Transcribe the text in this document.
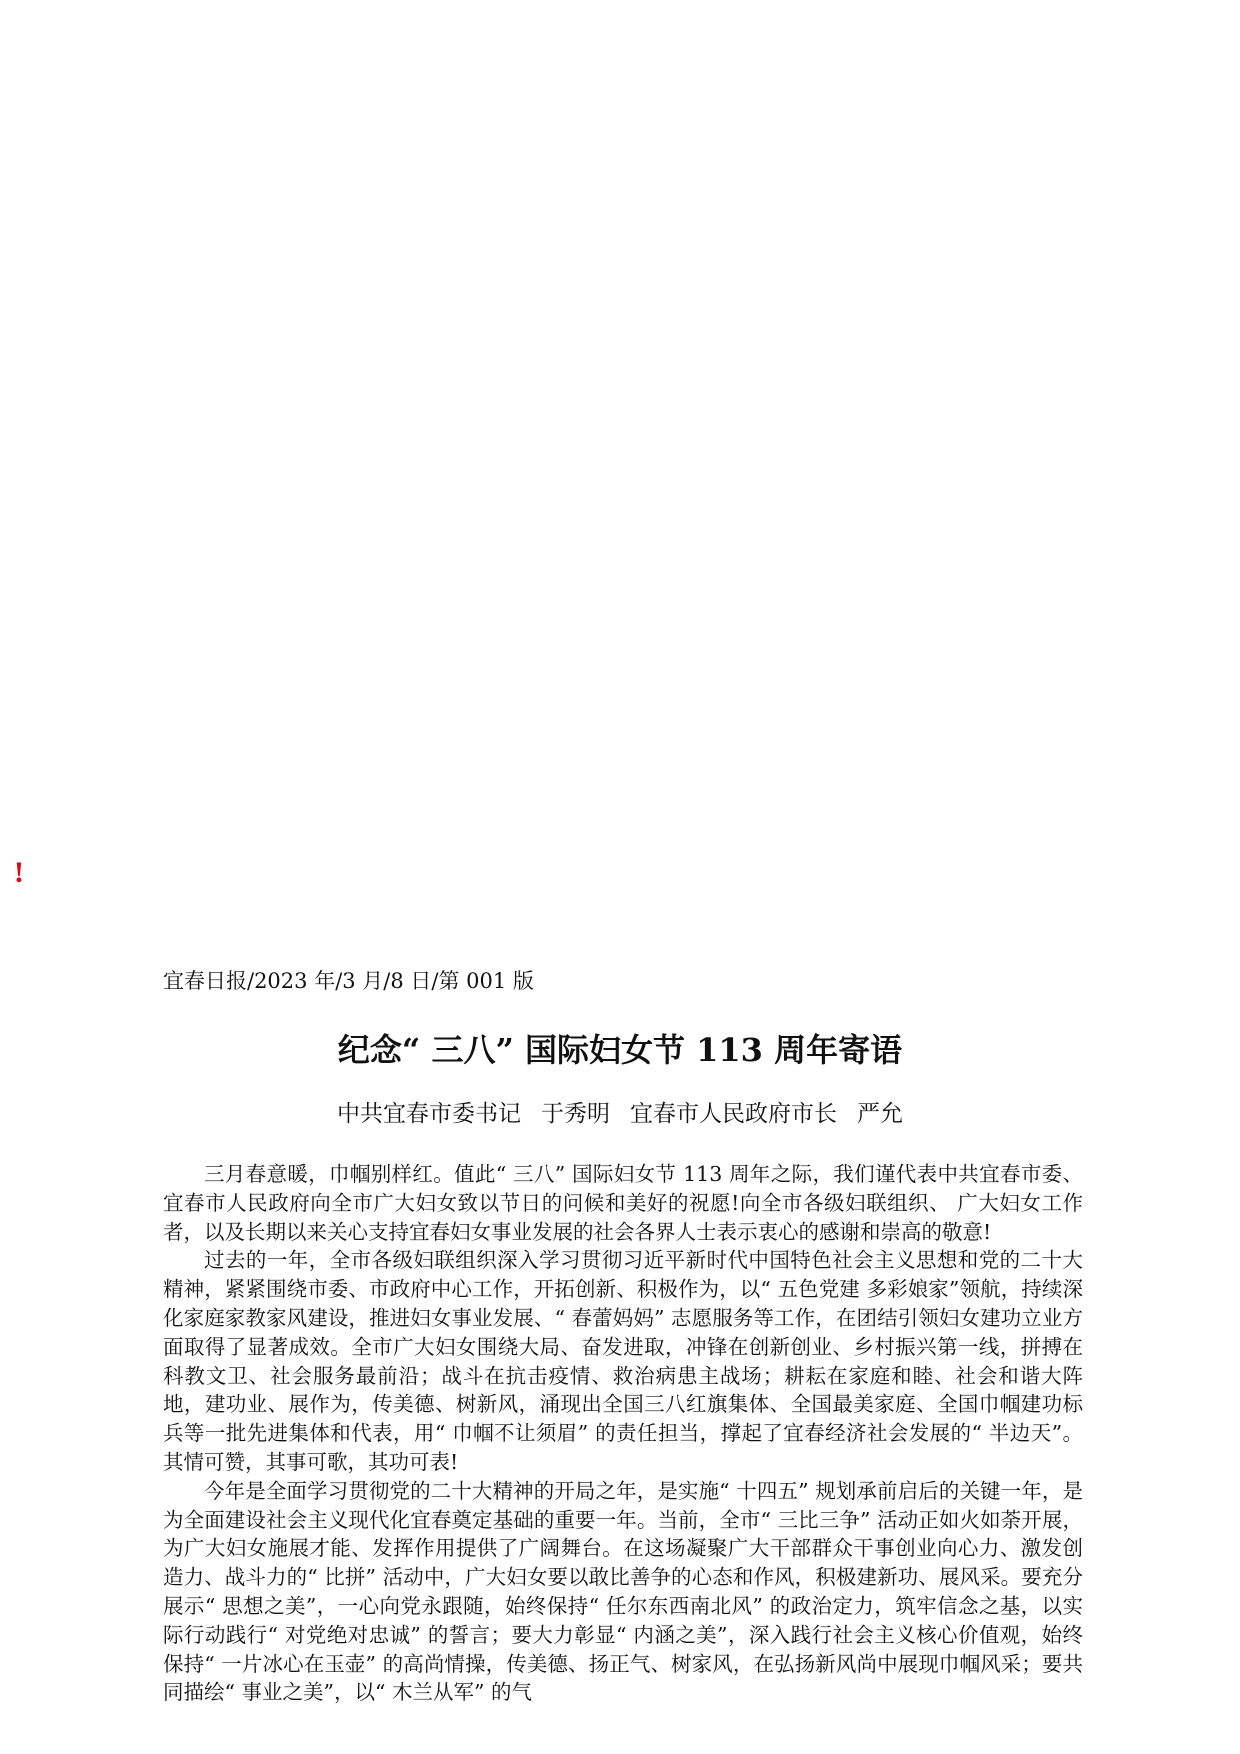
!
宜春日报/2023 年/3 月/8 日/第 001 版
纪念“ 三八” 国际妇女节 113 周年寄语
中共宜春市委书记 于秀明 宜春市人民政府市长 严允

三月春意暖，巾帼别样红。值此“ 三八” 国际妇女节 113 周年之际，我们谨代表中共宜春市委、宜春市人民政府向全市广大妇女致以节日的问候和美好的祝愿!向全市各级妇联组织、 广大妇女工作者，以及长期以来关心支持宜春妇女事业发展的社会各界人士表示衷心的感谢和崇高的敬意!

过去的一年，全市各级妇联组织深入学习贯彻习近平新时代中国特色社会主义思想和党的二十大精神，紧紧围绕市委、市政府中心工作，开拓创新、积极作为，以“ 五色党建 多彩娘家”领航，持续深化家庭家教家风建设，推进妇女事业发展、“ 春蕾妈妈” 志愿服务等工作，在团结引领妇女建功立业方面取得了显著成效。全市广大妇女围绕大局、奋发进取，冲锋在创新创业、乡村振兴第一线，拼搏在科教文卫、社会服务最前沿；战斗在抗击疫情、救治病患主战场；耕耘在家庭和睦、社会和谐大阵地，建功业、展作为，传美德、树新风，涌现出全国三八红旗集体、全国最美家庭、全国巾帼建功标兵等一批先进集体和代表，用“ 巾帼不让须眉” 的责任担当，撑起了宜春经济社会发展的“ 半边天”。其情可赞，其事可歌，其功可表!

今年是全面学习贯彻党的二十大精神的开局之年，是实施“ 十四五” 规划承前启后的关键一年，是为全面建设社会主义现代化宜春奠定基础的重要一年。当前，全市“ 三比三争” 活动正如火如荼开展，为广大妇女施展才能、发挥作用提供了广阔舞台。在这场凝聚广大干部群众干事创业向心力、激发创造力、战斗力的“ 比拼” 活动中，广大妇女要以敢比善争的心态和作风，积极建新功、展风采。要充分展示“ 思想之美”，一心向党永跟随，始终保持“ 任尔东西南北风” 的政治定力，筑牢信念之基，以实际行动践行“ 对党绝对忠诚” 的誓言；要大力彰显“ 内涵之美”，深入践行社会主义核心价值观，始终保持“ 一片冰心在玉壶” 的高尚情操，传美德、扬正气、树家风，在弘扬新风尚中展现巾帼风采；要共同描绘“ 事业之美”，以“ 木兰从军” 的气
